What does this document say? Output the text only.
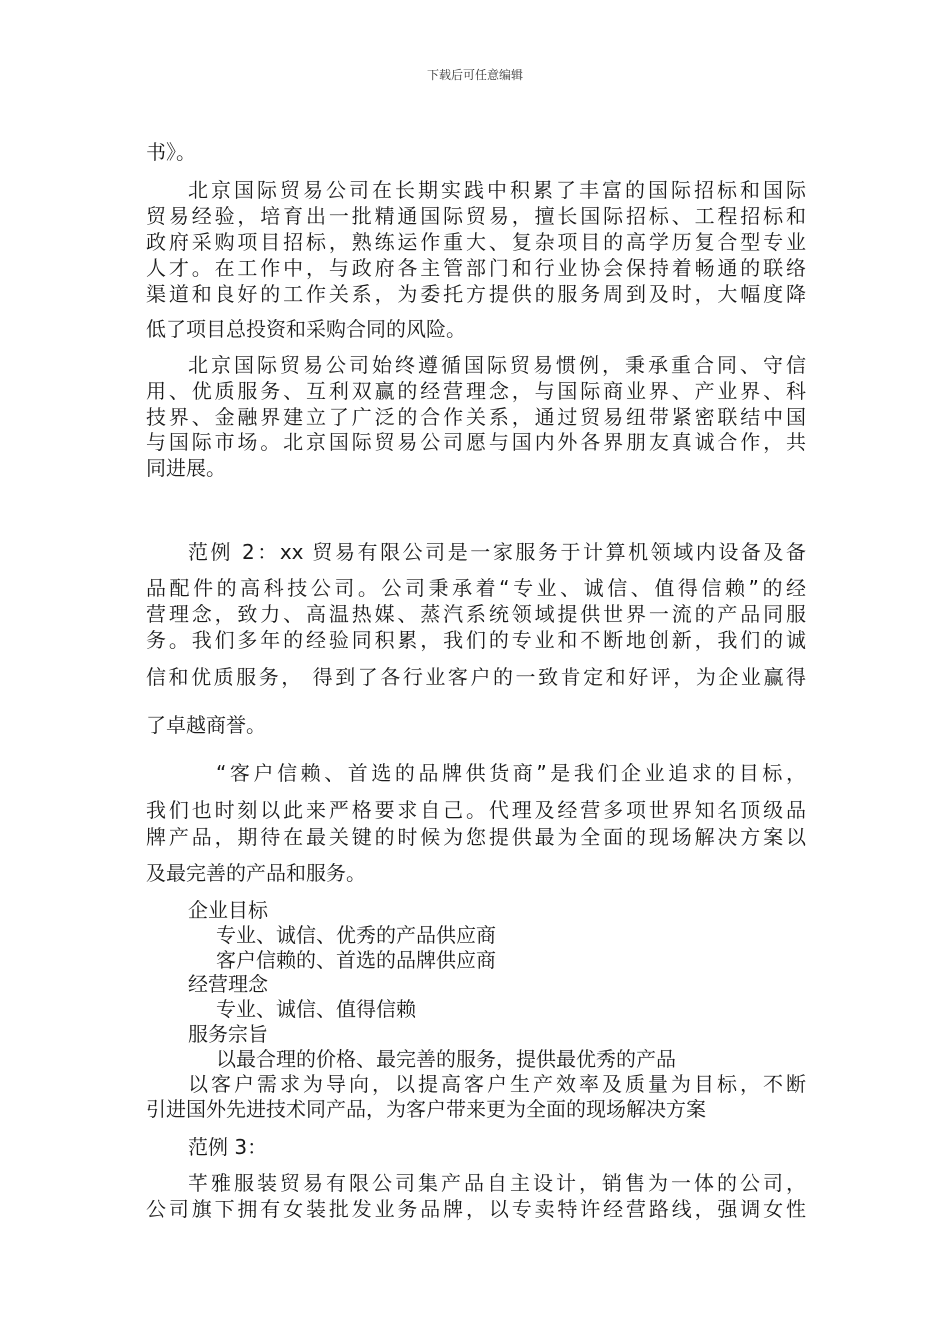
下载后可任意编辑
书》。
北京国际贸易公司在长期实践中积累了丰富的国际招标和国际
贸易经验，培育出一批精通国际贸易，擅长国际招标、工程招标和
政府采购项目招标，熟练运作重大、复杂项目的高学历复合型专业
人才。在工作中，与政府各主管部门和行业协会保持着畅通的联络
渠道和良好的工作关系，为委托方提供的服务周到及时，大幅度降
低了项目总投资和采购合同的风险。
北京国际贸易公司始终遵循国际贸易惯例，秉承重合同、守信
用、优质服务、互利双赢的经营理念，与国际商业界、产业界、科
技界、金融界建立了广泛的合作关系，通过贸易纽带紧密联结中国
与国际市场。北京国际贸易公司愿与国内外各界朋友真诚合作，共
同进展。
范例 2：xx 贸易有限公司是一家服务于计算机领域内设备及备
品配件的高科技公司。公司秉承着“专业、诚信、值得信赖”的经
营理念，致力、高温热媒、蒸汽系统领域提供世界一流的产品同服
务。我们多年的经验同积累，我们的专业和不断地创新，我们的诚
信和优质服务， 得到了各行业客户的一致肯定和好评，为企业赢得
了卓越商誉。
“客户信赖、首选的品牌供货商”是我们企业追求的目标，
我们也时刻以此来严格要求自己。代理及经营多项世界知名顶级品
牌产品，期待在最关键的时候为您提供最为全面的现场解决方案以
及最完善的产品和服务。
企业目标
专业、诚信、优秀的产品供应商
客户信赖的、首选的品牌供应商
经营理念
专业、诚信、值得信赖
服务宗旨
以最合理的价格、最完善的服务，提供最优秀的产品
以客户需求为导向，以提高客户生产效率及质量为目标，不断
引进国外先进技术同产品，为客户带来更为全面的现场解决方案
范例 3：
芊雅服装贸易有限公司集产品自主设计，销售为一体的公司，
公司旗下拥有女装批发业务品牌，以专卖特许经营路线，强调女性
